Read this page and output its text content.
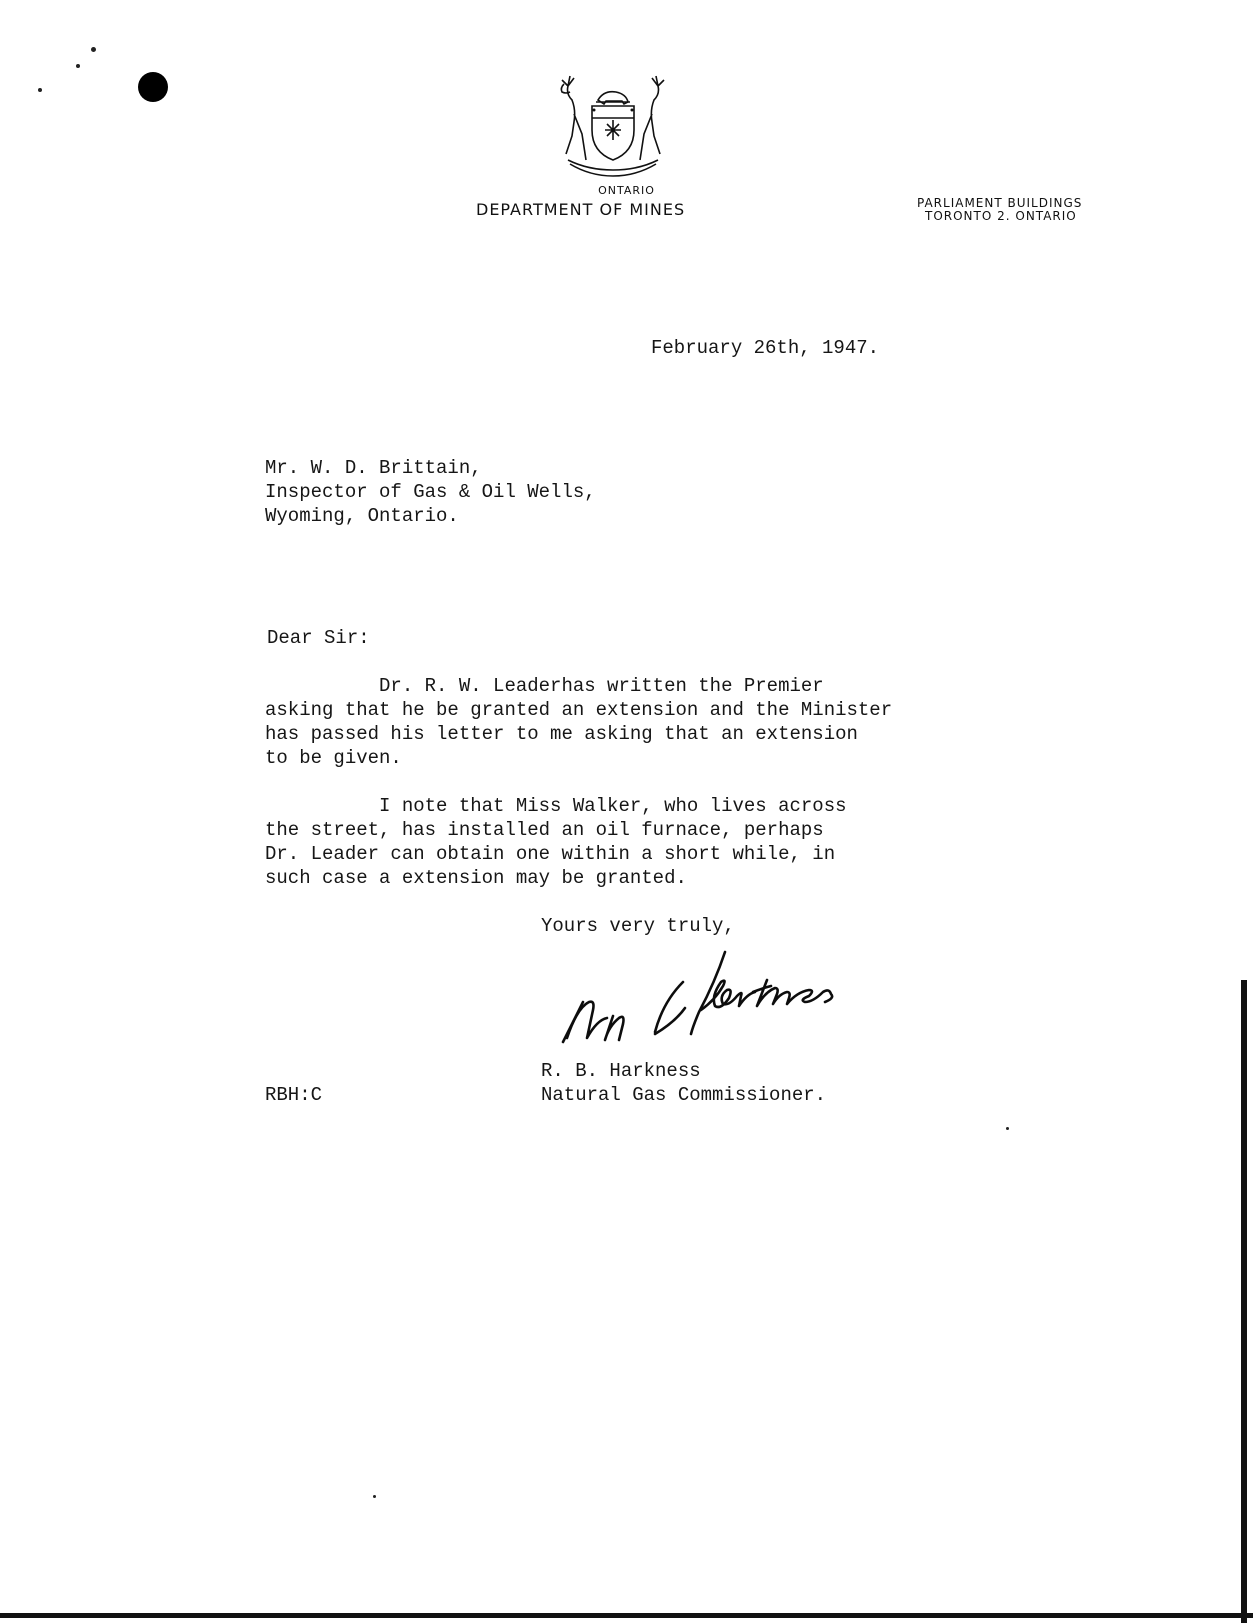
ONTARIO
DEPARTMENT OF MINES	PARLIAMENT BUILDINGS
TORONTO 2. ONTARIO
February 26th, 1947.
Mr. W. D. Brittain,
Inspector of Gas & Oil Wells,
Wyoming, Ontario.
Dear Sir:
Dr. R. W. Leaderhas written the Premier
asking that he be granted an extension and the Minister
has passed his letter to me asking that an extension
to be given.
I note that Miss Walker, who lives across
the street, has installed an oil furnace, perhaps
Dr. Leader can obtain one within a short while, in
such case a extension may be granted.
Yours very truly,
R. B. Harkness
Natural Gas Commissioner.
RBH:C
